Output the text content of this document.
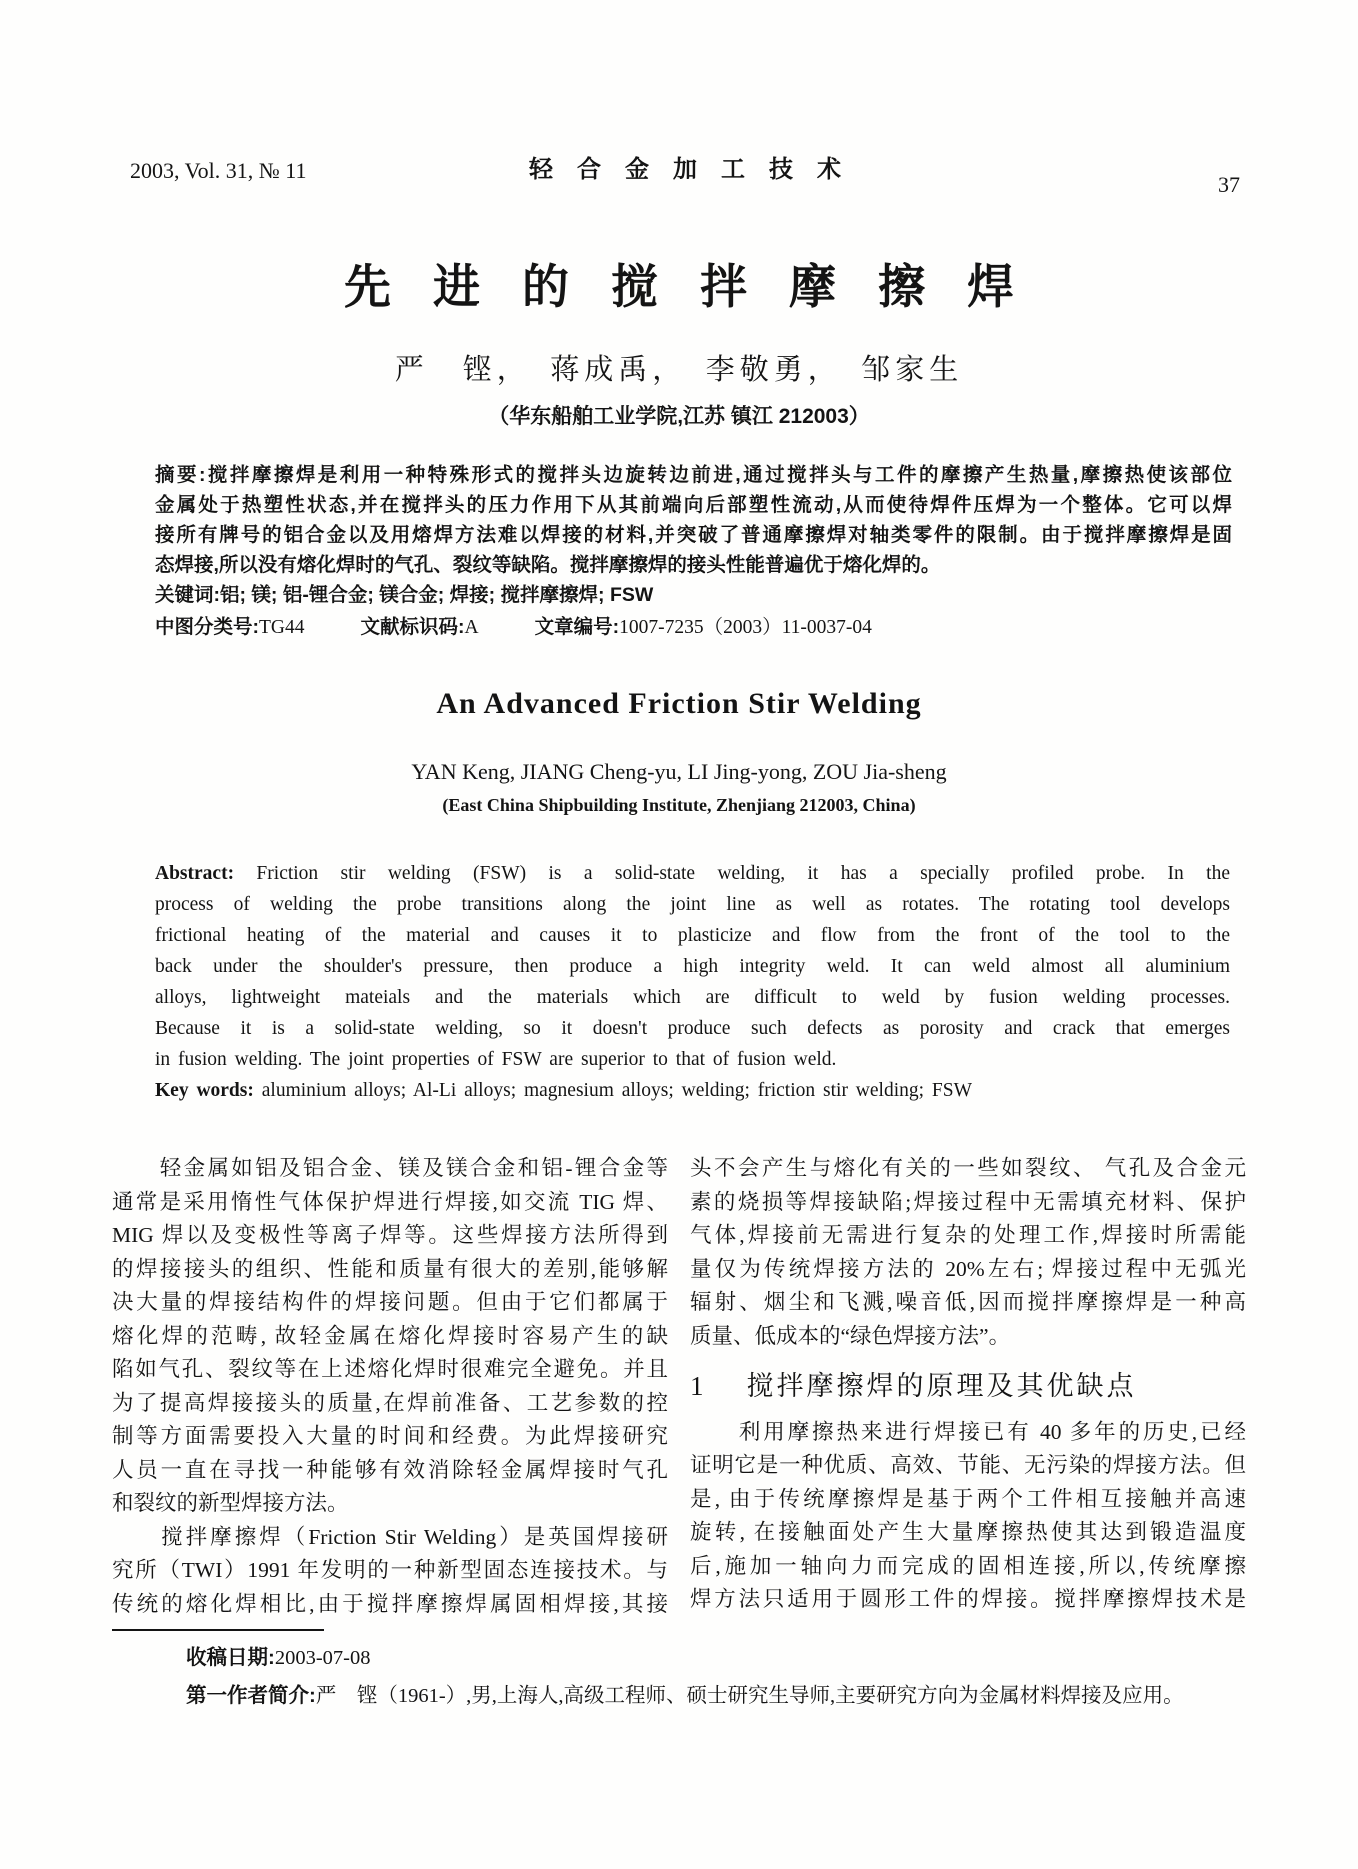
2003, Vol. 31, № 11	轻合金加工技术
37
先进的搅拌摩擦焊
严　铿，　蒋成禹，　李敬勇，　邹家生
（华东船舶工业学院,江苏 镇江 212003）
摘要:搅拌摩擦焊是利用一种特殊形式的搅拌头边旋转边前进,通过搅拌头与工件的摩擦产生热量,摩擦热使该部位
金属处于热塑性状态,并在搅拌头的压力作用下从其前端向后部塑性流动,从而使待焊件压焊为一个整体。它可以焊
接所有牌号的铝合金以及用熔焊方法难以焊接的材料,并突破了普通摩擦焊对轴类零件的限制。由于搅拌摩擦焊是固
态焊接,所以没有熔化焊时的气孔、裂纹等缺陷。搅拌摩擦焊的接头性能普遍优于熔化焊的。
关键词:铝; 镁; 铝-锂合金; 镁合金; 焊接; 搅拌摩擦焊; FSW
中图分类号:TG44	文献标识码:A	文章编号:1007-7235（2003）11-0037-04
An Advanced Friction Stir Welding
YAN Keng, JIANG Cheng-yu, LI Jing-yong, ZOU Jia-sheng
(East China Shipbuilding Institute, Zhenjiang 212003, China)
Abstract: Friction stir welding (FSW) is a solid-state welding, it has a specially profiled probe. In the
process of welding the probe transitions along the joint line as well as rotates. The rotating tool develops
frictional heating of the material and causes it to plasticize and flow from the front of the tool to the
back under the shoulder's pressure, then produce a high integrity weld. It can weld almost all aluminium
alloys, lightweight mateials and the materials which are difficult to weld by fusion welding processes.
Because it is a solid-state welding, so it doesn't produce such defects as porosity and crack that emerges
in fusion welding. The joint properties of FSW are superior to that of fusion weld.
Key words: aluminium alloys; Al-Li alloys; magnesium alloys; welding; friction stir welding; FSW
　　轻金属如铝及铝合金、镁及镁合金和铝-锂合金等
通常是采用惰性气体保护焊进行焊接,如交流 TIG 焊、
MIG 焊以及变极性等离子焊等。这些焊接方法所得到
的焊接接头的组织、性能和质量有很大的差别,能够解
决大量的焊接结构件的焊接问题。但由于它们都属于
熔化焊的范畴, 故轻金属在熔化焊接时容易产生的缺
陷如气孔、裂纹等在上述熔化焊时很难完全避免。并且
为了提高焊接接头的质量,在焊前准备、工艺参数的控
制等方面需要投入大量的时间和经费。为此焊接研究
人员一直在寻找一种能够有效消除轻金属焊接时气孔
和裂纹的新型焊接方法。
　　搅拌摩擦焊（Friction Stir Welding）是英国焊接研
究所（TWI）1991 年发明的一种新型固态连接技术。与
传统的熔化焊相比,由于搅拌摩擦焊属固相焊接,其接
头不会产生与熔化有关的一些如裂纹、 气孔及合金元
素的烧损等焊接缺陷;焊接过程中无需填充材料、保护
气体,焊接前无需进行复杂的处理工作,焊接时所需能
量仅为传统焊接方法的 20%左右; 焊接过程中无弧光
辐射、烟尘和飞溅,噪音低,因而搅拌摩擦焊是一种高
质量、低成本的“绿色焊接方法”。
1 搅拌摩擦焊的原理及其优缺点
　　利用摩擦热来进行焊接已有 40 多年的历史,已经
证明它是一种优质、高效、节能、无污染的焊接方法。但
是, 由于传统摩擦焊是基于两个工件相互接触并高速
旋转, 在接触面处产生大量摩擦热使其达到锻造温度
后,施加一轴向力而完成的固相连接,所以,传统摩擦
焊方法只适用于圆形工件的焊接。搅拌摩擦焊技术是
收稿日期:2003-07-08
第一作者简介:严　铿（1961-）,男,上海人,高级工程师、硕士研究生导师,主要研究方向为金属材料焊接及应用。
